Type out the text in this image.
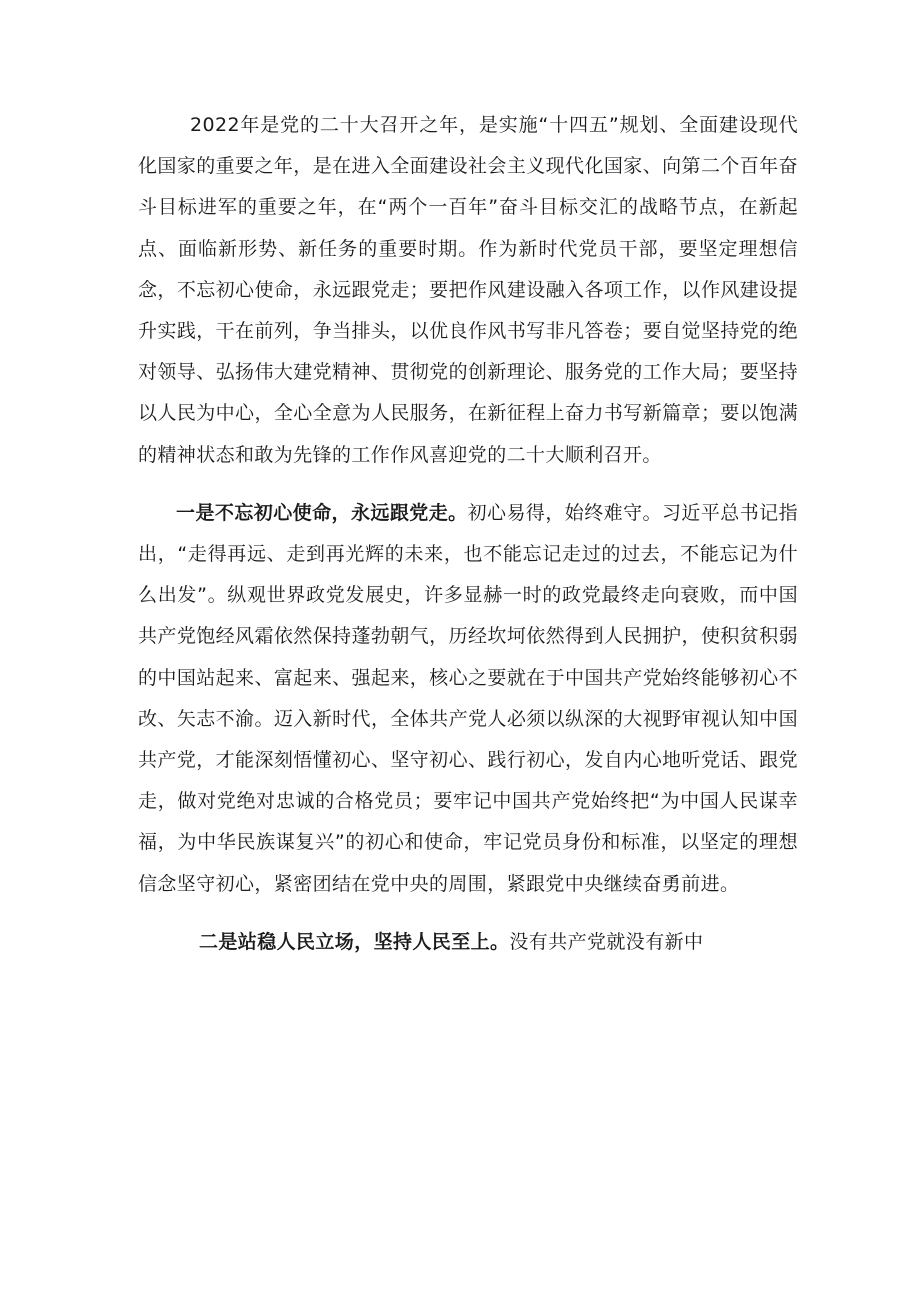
2022年是党的二十大召开之年，是实施“十四五”规划、全面建设现代化国家的重要之年，是在进入全面建设社会主义现代化国家、向第二个百年奋斗目标进军的重要之年，在“两个一百年”奋斗目标交汇的战略节点，在新起点、面临新形势、新任务的重要时期。作为新时代党员干部，要坚定理想信念，不忘初心使命，永远跟党走；要把作风建设融入各项工作，以作风建设提升实践，干在前列，争当排头，以优良作风书写非凡答卷；要自觉坚持党的绝对领导、弘扬伟大建党精神、贯彻党的创新理论、服务党的工作大局；要坚持以人民为中心，全心全意为人民服务，在新征程上奋力书写新篇章；要以饱满的精神状态和敢为先锋的工作作风喜迎党的二十大顺利召开。

一是不忘初心使命，永远跟党走。初心易得，始终难守。习近平总书记指出，“走得再远、走到再光辉的未来，也不能忘记走过的过去，不能忘记为什么出发”。纵观世界政党发展史，许多显赫一时的政党最终走向衰败，而中国共产党饱经风霜依然保持蓬勃朝气，历经坎坷依然得到人民拥护，使积贫积弱的中国站起来、富起来、强起来，核心之要就在于中国共产党始终能够初心不改、矢志不渝。迈入新时代，全体共产党人必须以纵深的大视野审视认知中国共产党，才能深刻悟懂初心、坚守初心、践行初心，发自内心地听党话、跟党走，做对党绝对忠诚的合格党员；要牢记中国共产党始终把“为中国人民谋幸福，为中华民族谋复兴”的初心和使命，牢记党员身份和标准，以坚定的理想信念坚守初心，紧密团结在党中央的周围，紧跟党中央继续奋勇前进。

二是站稳人民立场，坚持人民至上。没有共产党就没有新中
